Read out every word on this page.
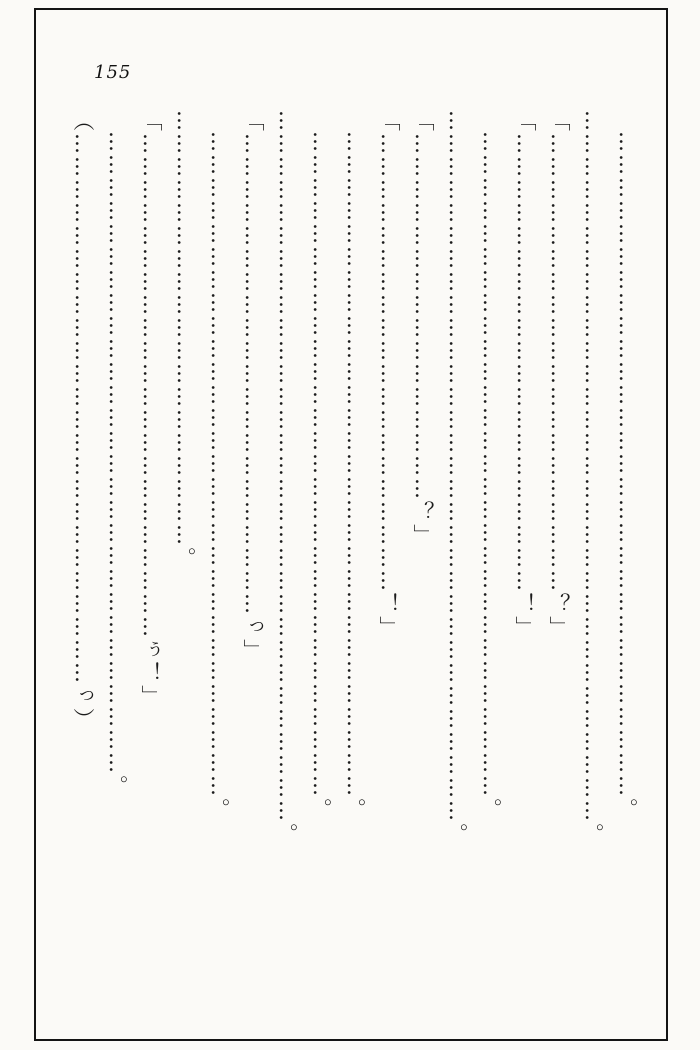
155

……………………………………………………………………………。

…………………………………………………………………………………。

「……………………………………………………？」

「……………………………………………………！」

……………………………………………………………………………。

…………………………………………………………………………………。

「…………………………………………？」

「……………………………………………………！」

……………………………………………………………………………。

……………………………………………………………………………。

…………………………………………………………………………………。

「………………………………………………………っ」

……………………………………………………………………………。

…………………………………………………。

「…………………………………………………………ぅ！」

…………………………………………………………………………。

（………………………………………………………………っ）
